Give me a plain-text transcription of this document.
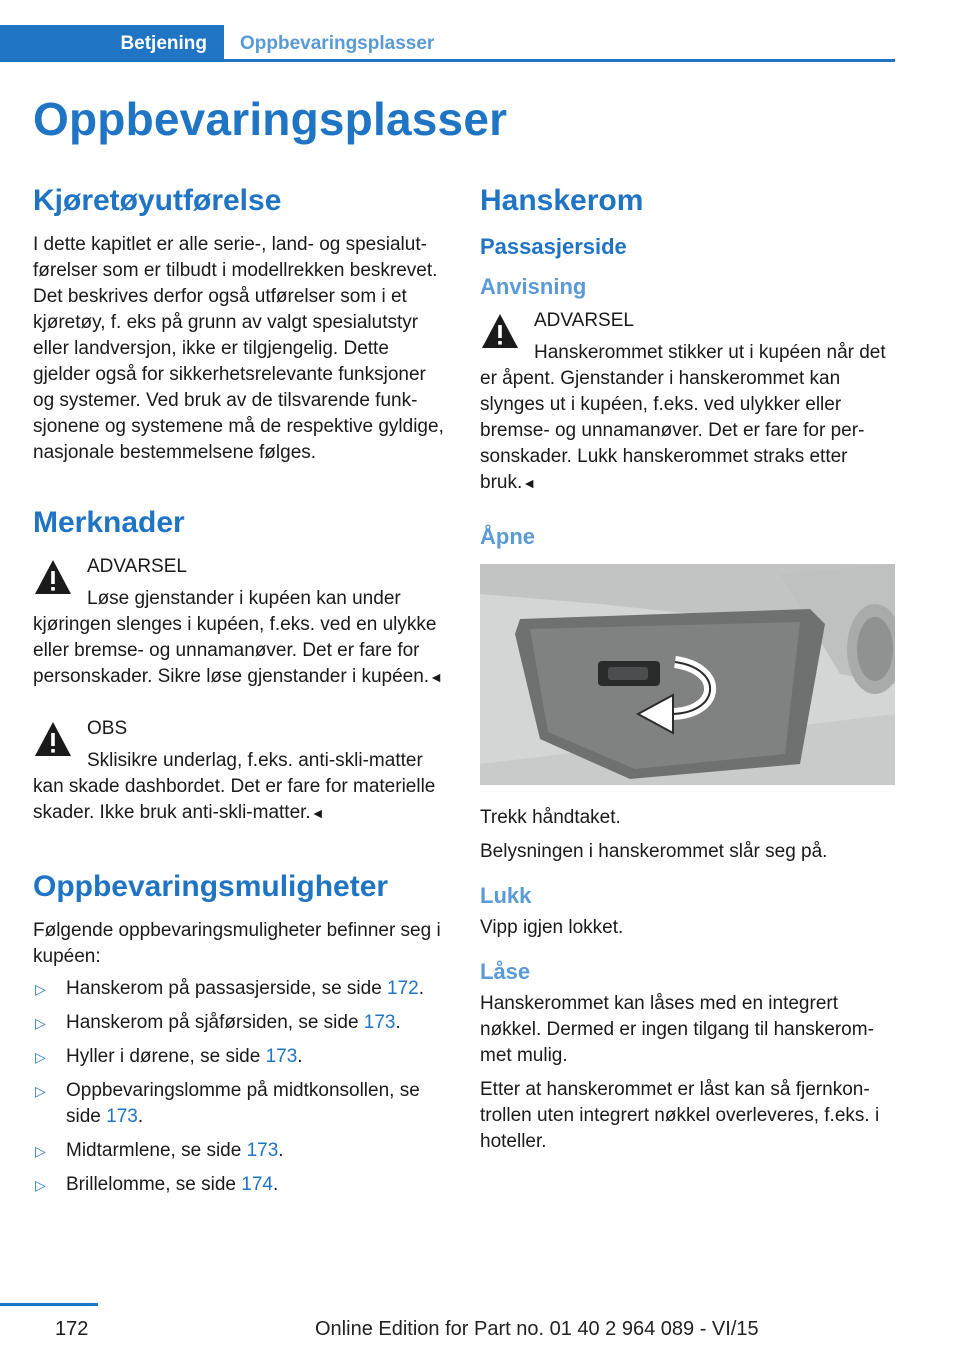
Betjening Oppbevaringsplasser
Oppbevaringsplasser
Kjøretøyutførelse

I dette kapitlet er alle serie-, land- og spesialutførelser som er tilbudt i modellrekken beskrevet. Det beskrives derfor også utførelser som i et kjøretøy, f. eks på grunn av valgt spesialutstyr eller landversjon, ikke er tilgjengelig. Dette gjelder også for sikkerhetsrelevante funksjoner og systemer. Ved bruk av de tilsvarende funksjonene og systemene må de respektive gyldige, nasjonale bestemmelsene følges.

Merknader
ADVARSEL

Løse gjenstander i kupéen kan under kjøringen slenges i kupéen, f.eks. ved en ulykke eller bremse- og unnamanøver. Det er fare for personskader. Sikre løse gjenstander i kupéen.◄

OBS

Sklisikre underlag, f.eks. anti-skli-matter kan skade dashbordet. Det er fare for materielle skader. Ikke bruk anti-skli-matter.◄

Oppbevaringsmuligheter

Følgende oppbevaringsmuligheter befinner seg i kupéen:

▷ Hanskerom på passasjerside, se side 172.
▷ Hanskerom på sjåførsiden, se side 173.
▷ Hyller i dørene, se side 173.
▷ Oppbevaringslomme på midtkonsollen, se side 173.
▷ Midtarmlene, se side 173.
▷ Brillelomme, se side 174.
Hanskerom
Passasjerside
Anvisning
ADVARSEL

Hanskerommet stikker ut i kupéen når det er åpent. Gjenstander i hanskerommet kan slynges ut i kupéen, f.eks. ved ulykker eller bremse- og unnamanøver. Det er fare for personskader. Lukk hanskerommet straks etter bruk.◄

Åpne

Trekk håndtaket.

Belysningen i hanskerommet slår seg på.

Lukk

Vipp igjen lokket.

Låse

Hanskerommet kan låses med en integrert nøkkel. Dermed er ingen tilgang til hanskerommet mulig.

Etter at hanskerommet er låst kan så fjernkontrollen uten integrert nøkkel overleveres, f.eks. i hoteller.

172	Online Edition for Part no. 01 40 2 964 089 - VI/15
